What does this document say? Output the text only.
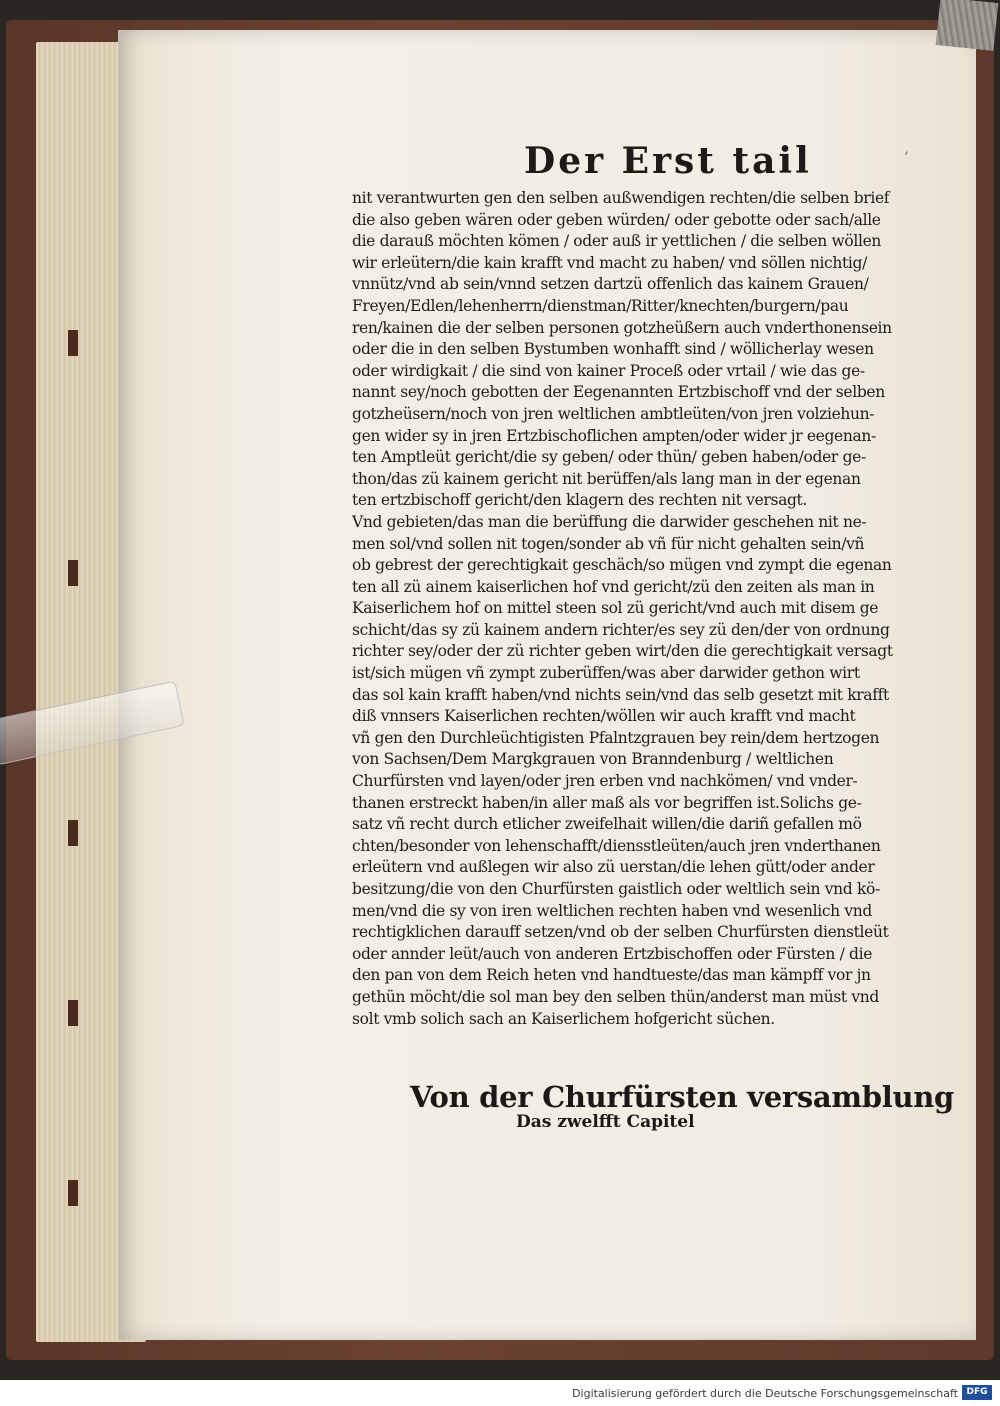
Der Erst tail	’
nit verantwurten gen den selben außwendigen rechten/die selben brief
die also geben wären oder geben würden/ oder gebotte oder sach/alle
die darauß möchten kömen / oder auß ir yettlichen / die selben wöllen
wir erleütern/die kain krafft vnd macht zu haben/ vnd söllen nichtig/
vnnütz/vnd ab sein/vnnd setzen dartzü offenlich das kainem Grauen/
Freyen/Edlen/lehenherrn/dienstman/Ritter/knechten/burgern/pau
ren/kainen die der selben personen gotzheüßern auch vnderthonensein
oder die in den selben Bystumben wonhafft sind / wöllicherlay wesen
oder wirdigkait / die sind von kainer Proceß oder vrtail / wie das ge-
nannt sey/noch gebotten der Eegenannten Ertzbischoff vnd der selben
gotzheüsern/noch von jren weltlichen ambtleüten/von jren volziehun-
gen wider sy in jren Ertzbischoflichen ampten/oder wider jr eegenan-
ten Amptleüt gericht/die sy geben/ oder thün/ geben haben/oder ge-
thon/das zü kainem gericht nit berüffen/als lang man in der egenan
ten ertzbischoff gericht/den klagern des rechten nit versagt.
Vnd gebieten/das man die berüffung die darwider geschehen nit ne-
men sol/vnd sollen nit togen/sonder ab vñ für nicht gehalten sein/vñ
ob gebrest der gerechtigkait geschäch/so mügen vnd zympt die egenan
ten all zü ainem kaiserlichen hof vnd gericht/zü den zeiten als man in
Kaiserlichem hof on mittel steen sol zü gericht/vnd auch mit disem ge
schicht/das sy zü kainem andern richter/es sey zü den/der von ordnung
richter sey/oder der zü richter geben wirt/den die gerechtigkait versagt
ist/sich mügen vñ zympt zuberüffen/was aber darwider gethon wirt
das sol kain krafft haben/vnd nichts sein/vnd das selb gesetzt mit krafft
diß vnnsers Kaiserlichen rechten/wöllen wir auch krafft vnd macht
vñ gen den Durchleüchtigisten Pfalntzgrauen bey rein/dem hertzogen
von Sachsen/Dem Margkgrauen von Branndenburg / weltlichen
Churfürsten vnd layen/oder jren erben vnd nachkömen/ vnd vnder-
thanen erstreckt haben/in aller maß als vor begriffen ist.Solichs ge-
satz vñ recht durch etlicher zweifelhait willen/die dariñ gefallen mö
chten/besonder von lehenschafft/diensstleüten/auch jren vnderthanen
erleütern vnd außlegen wir also zü uerstan/die lehen gütt/oder ander
besitzung/die von den Churfürsten gaistlich oder weltlich sein vnd kö-
men/vnd die sy von iren weltlichen rechten haben vnd wesenlich vnd
rechtigklichen darauff setzen/vnd ob der selben Churfürsten dienstleüt
oder annder leüt/auch von anderen Ertzbischoffen oder Fürsten / die
den pan von dem Reich heten vnd handtueste/das man kämpff vor jn
gethün möcht/die sol man bey den selben thün/anderst man müst vnd
solt vmb solich sach an Kaiserlichem hofgericht süchen.
Von der Churfürsten versamblung
Das zwelfft Capitel
Digitalisierung gefördert durch die Deutsche Forschungsgemeinschaft DFG
